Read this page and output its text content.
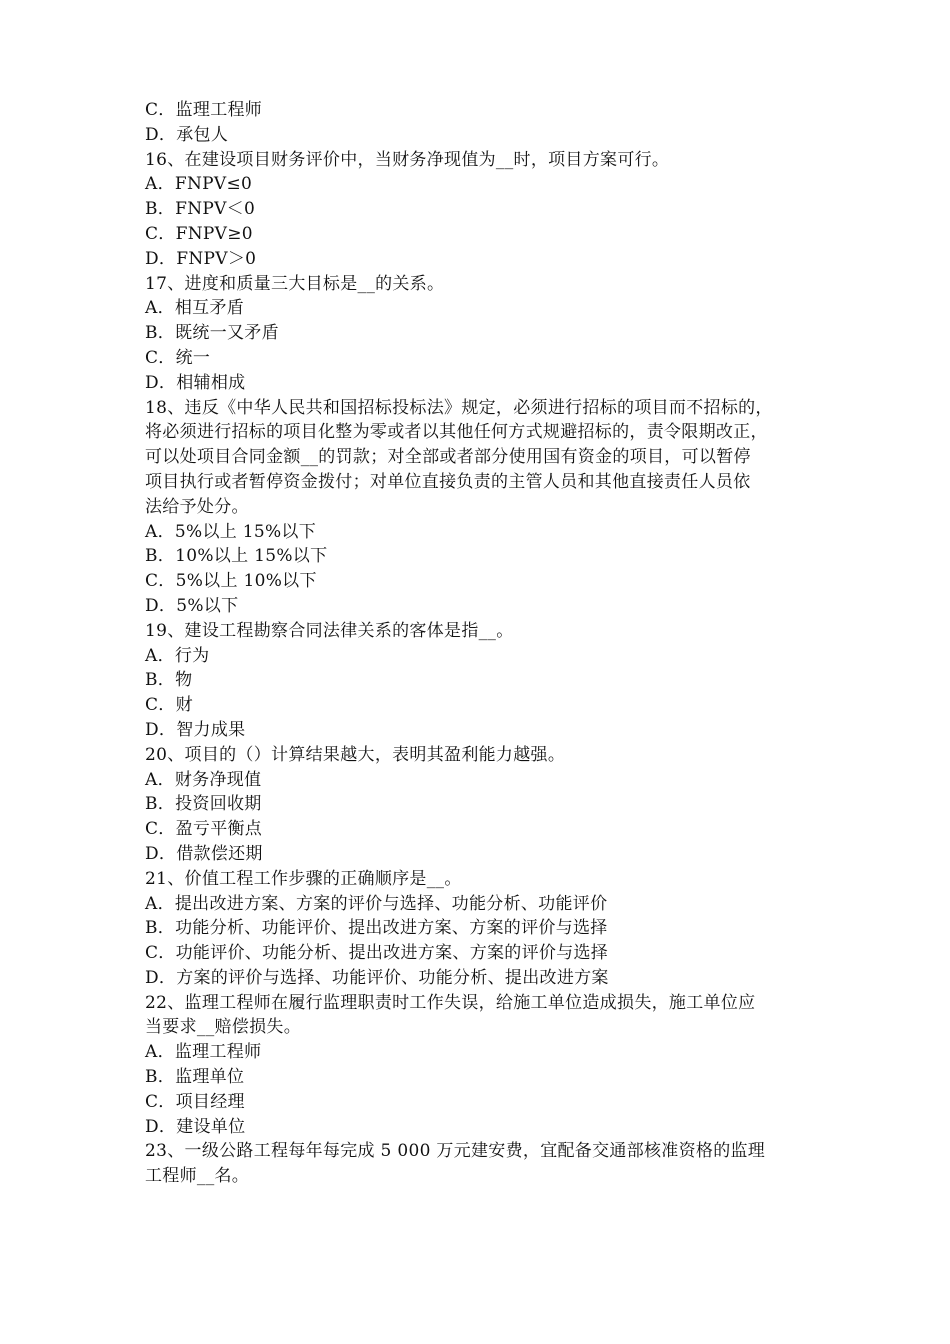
C．监理工程师
D．承包人
16、在建设项目财务评价中，当财务净现值为__时，项目方案可行。
A．FNPV≤0
B．FNPV＜0
C．FNPV≥0
D．FNPV＞0
17、进度和质量三大目标是__的关系。
A．相互矛盾
B．既统一又矛盾
C．统一
D．相辅相成
18、违反《中华人民共和国招标投标法》规定，必须进行招标的项目而不招标的，
将必须进行招标的项目化整为零或者以其他任何方式规避招标的，责令限期改正，
可以处项目合同金额__的罚款；对全部或者部分使用国有资金的项目，可以暂停
项目执行或者暂停资金拨付；对单位直接负责的主管人员和其他直接责任人员依
法给予处分。
A．5%以上 15%以下
B．10%以上 15%以下
C．5%以上 10%以下
D．5%以下
19、建设工程勘察合同法律关系的客体是指__。
A．行为
B．物
C．财
D．智力成果
20、项目的（）计算结果越大，表明其盈利能力越强。
A．财务净现值
B．投资回收期
C．盈亏平衡点
D．借款偿还期
21、价值工程工作步骤的正确顺序是__。
A．提出改进方案、方案的评价与选择、功能分析、功能评价
B．功能分析、功能评价、提出改进方案、方案的评价与选择
C．功能评价、功能分析、提出改进方案、方案的评价与选择
D．方案的评价与选择、功能评价、功能分析、提出改进方案
22、监理工程师在履行监理职责时工作失误，给施工单位造成损失，施工单位应
当要求__赔偿损失。
A．监理工程师
B．监理单位
C．项目经理
D．建设单位
23、一级公路工程每年每完成 5 000 万元建安费，宜配备交通部核准资格的监理
工程师__名。
